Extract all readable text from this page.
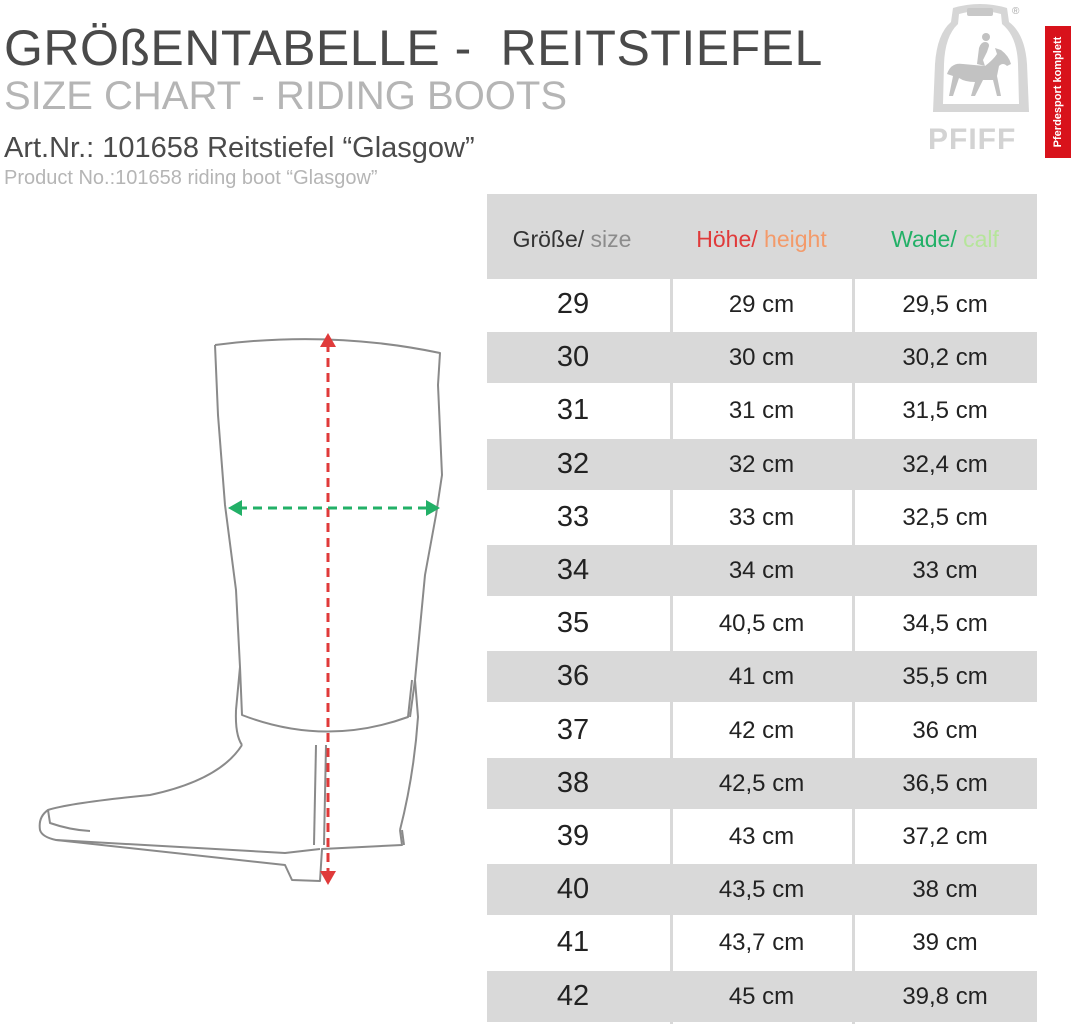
GRÖßENTABELLE -  REITSTIEFEL
SIZE CHART - RIDING BOOTS
Art.Nr.: 101658 Reitstiefel “Glasgow”
Product No.:101658 riding boot “Glasgow”
PFIFF
®
Pferdesport komplett
Größe/ size	Höhe/ height	Wade/ calf
29	29 cm	29,5 cm
30	30 cm	30,2 cm
31	31 cm	31,5 cm
32	32 cm	32,4 cm
33	33 cm	32,5 cm
34	34 cm	33 cm
35	40,5 cm	34,5 cm
36	41 cm	35,5 cm
37	42 cm	36 cm
38	42,5 cm	36,5 cm
39	43 cm	37,2 cm
40	43,5 cm	38 cm
41	43,7 cm	39 cm
42	45 cm	39,8 cm
